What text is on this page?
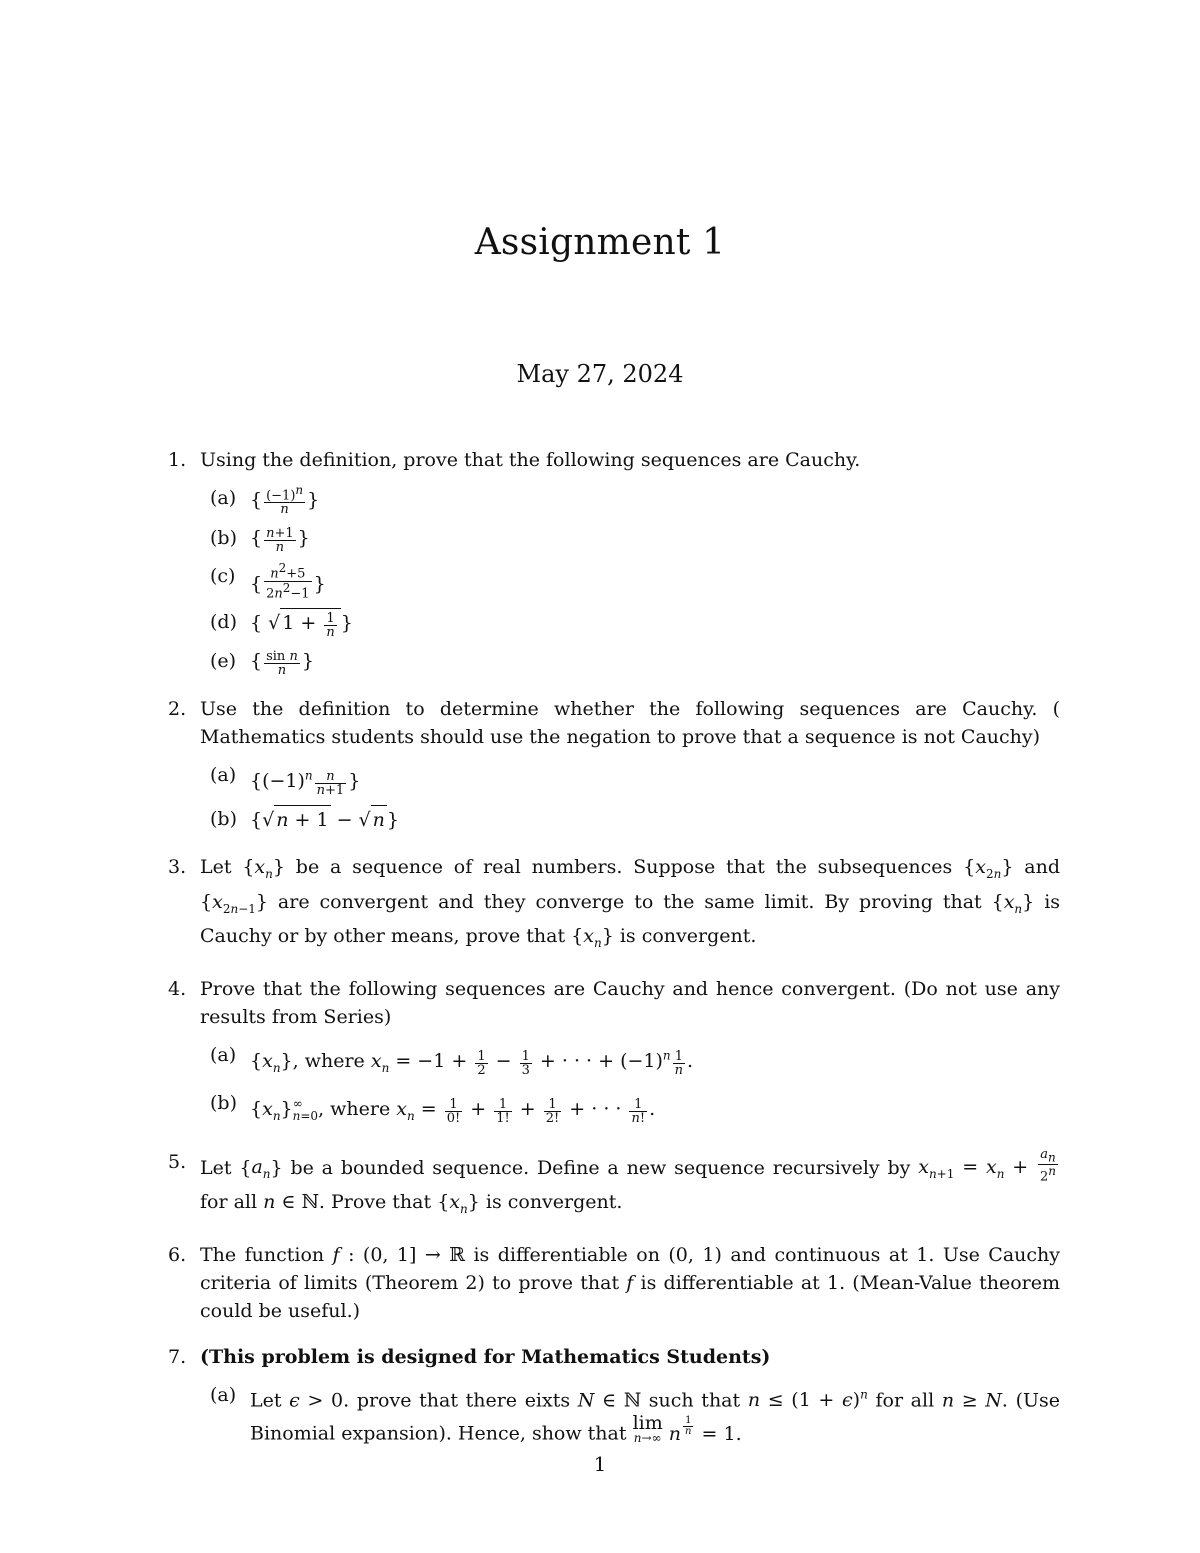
Assignment 1
May 27, 2024
1. Using the definition, prove that the following sequences are Cauchy.
(a) { $\frac{(-1)^n}{n}$ }
(b) { $\frac{n+1}{n}$ }
(c) { $\frac{n^2+5}{2n^2-1}$ }
(d) { √ $1 + \frac{1}{n}$ }
(e) { $\frac{\text{sin n}}{n}$ }
2. Use the definition to determine whether the following sequences are Cauchy. ( Mathematics students should use the negation to prove that a sequence is not Cauchy)
(a) {$(-1)^n \frac{n}{n+1}$ }
(b) {√ n + 1 − √ n }
3. Let $\{x_n\}$ be a sequence of real numbers. Suppose that the subsequences $\{x_{2n}\}$ and $\{x_{2n-1}\}$ are convergent and they converge to the same limit. By proving that $\{x_n\}$ is Cauchy or by other means, prove that $\{x_n\}$ is convergent.
4. Prove that the following sequences are Cauchy and hence convergent. (Do not use any results from Series)
(a) $\{x_n\}$, where $x_n = -1 + \frac{1}{2} - \frac{1}{3}$ + · · · + $(-1)^n \frac{1}{n}$ .
(b) $\{x_n\}^\infty_{n=0}$, where $x_n = \frac{1}{0!} + \frac{1}{1!} + \frac{1}{2!}$ + · · · $\frac{1}{n!}$ .
5. Let $\{a_n\}$ be a bounded sequence. Define a new sequence recursively by $x_{n+1} = x_n + \frac{a_n}{2^n}$
for all n ∈ ℕ. Prove that $\{x_n\}$ is convergent.
6. The function f : (0, 1] → ℝ is differentiable on (0, 1) and continuous at 1. Use Cauchy criteria of limits (Theorem 2) to prove that f is differentiable at 1. (Mean-Value theorem could be useful.)
7. (This problem is designed for Mathematics Students)
(a) Let ϵ > 0. prove that there eixts N ∈ ℕ such that $n \le (1 + \epsilon)^n$ for all n ≥ N. (Use Binomial expansion). Hence, show that lim
n→∞ n $^{\frac{1}{n}}$ = 1.
1
